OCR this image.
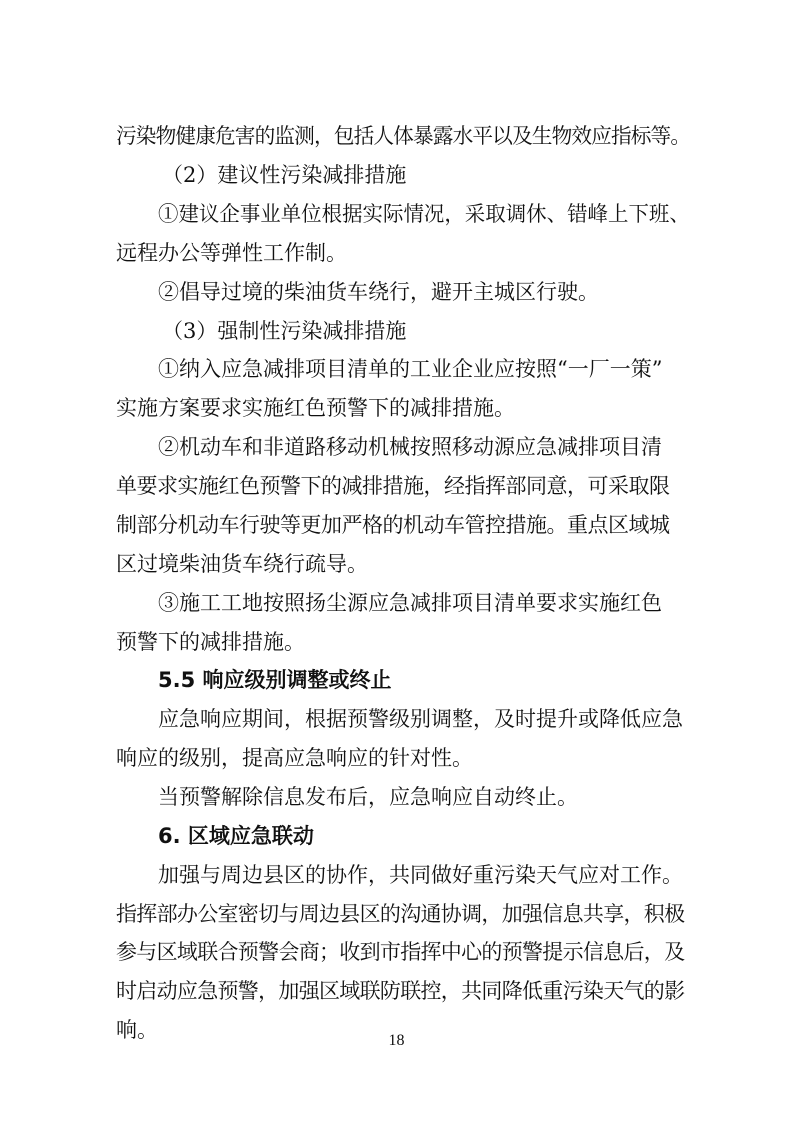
污染物健康危害的监测，包括人体暴露水平以及生物效应指标等。
（2）建议性污染减排措施
①建议企事业单位根据实际情况，采取调休、错峰上下班、
远程办公等弹性工作制。
②倡导过境的柴油货车绕行，避开主城区行驶。
（3）强制性污染减排措施
①纳入应急减排项目清单的工业企业应按照“一厂一策”
实施方案要求实施红色预警下的减排措施。
②机动车和非道路移动机械按照移动源应急减排项目清
单要求实施红色预警下的减排措施，经指挥部同意，可采取限
制部分机动车行驶等更加严格的机动车管控措施。重点区域城
区过境柴油货车绕行疏导。
③施工工地按照扬尘源应急减排项目清单要求实施红色
预警下的减排措施。
5.5 响应级别调整或终止
应急响应期间，根据预警级别调整，及时提升或降低应急
响应的级别，提高应急响应的针对性。
当预警解除信息发布后，应急响应自动终止。
6. 区域应急联动
加强与周边县区的协作，共同做好重污染天气应对工作。
指挥部办公室密切与周边县区的沟通协调，加强信息共享，积极
参与区域联合预警会商；收到市指挥中心的预警提示信息后，及
时启动应急预警，加强区域联防联控，共同降低重污染天气的影
响。	18
